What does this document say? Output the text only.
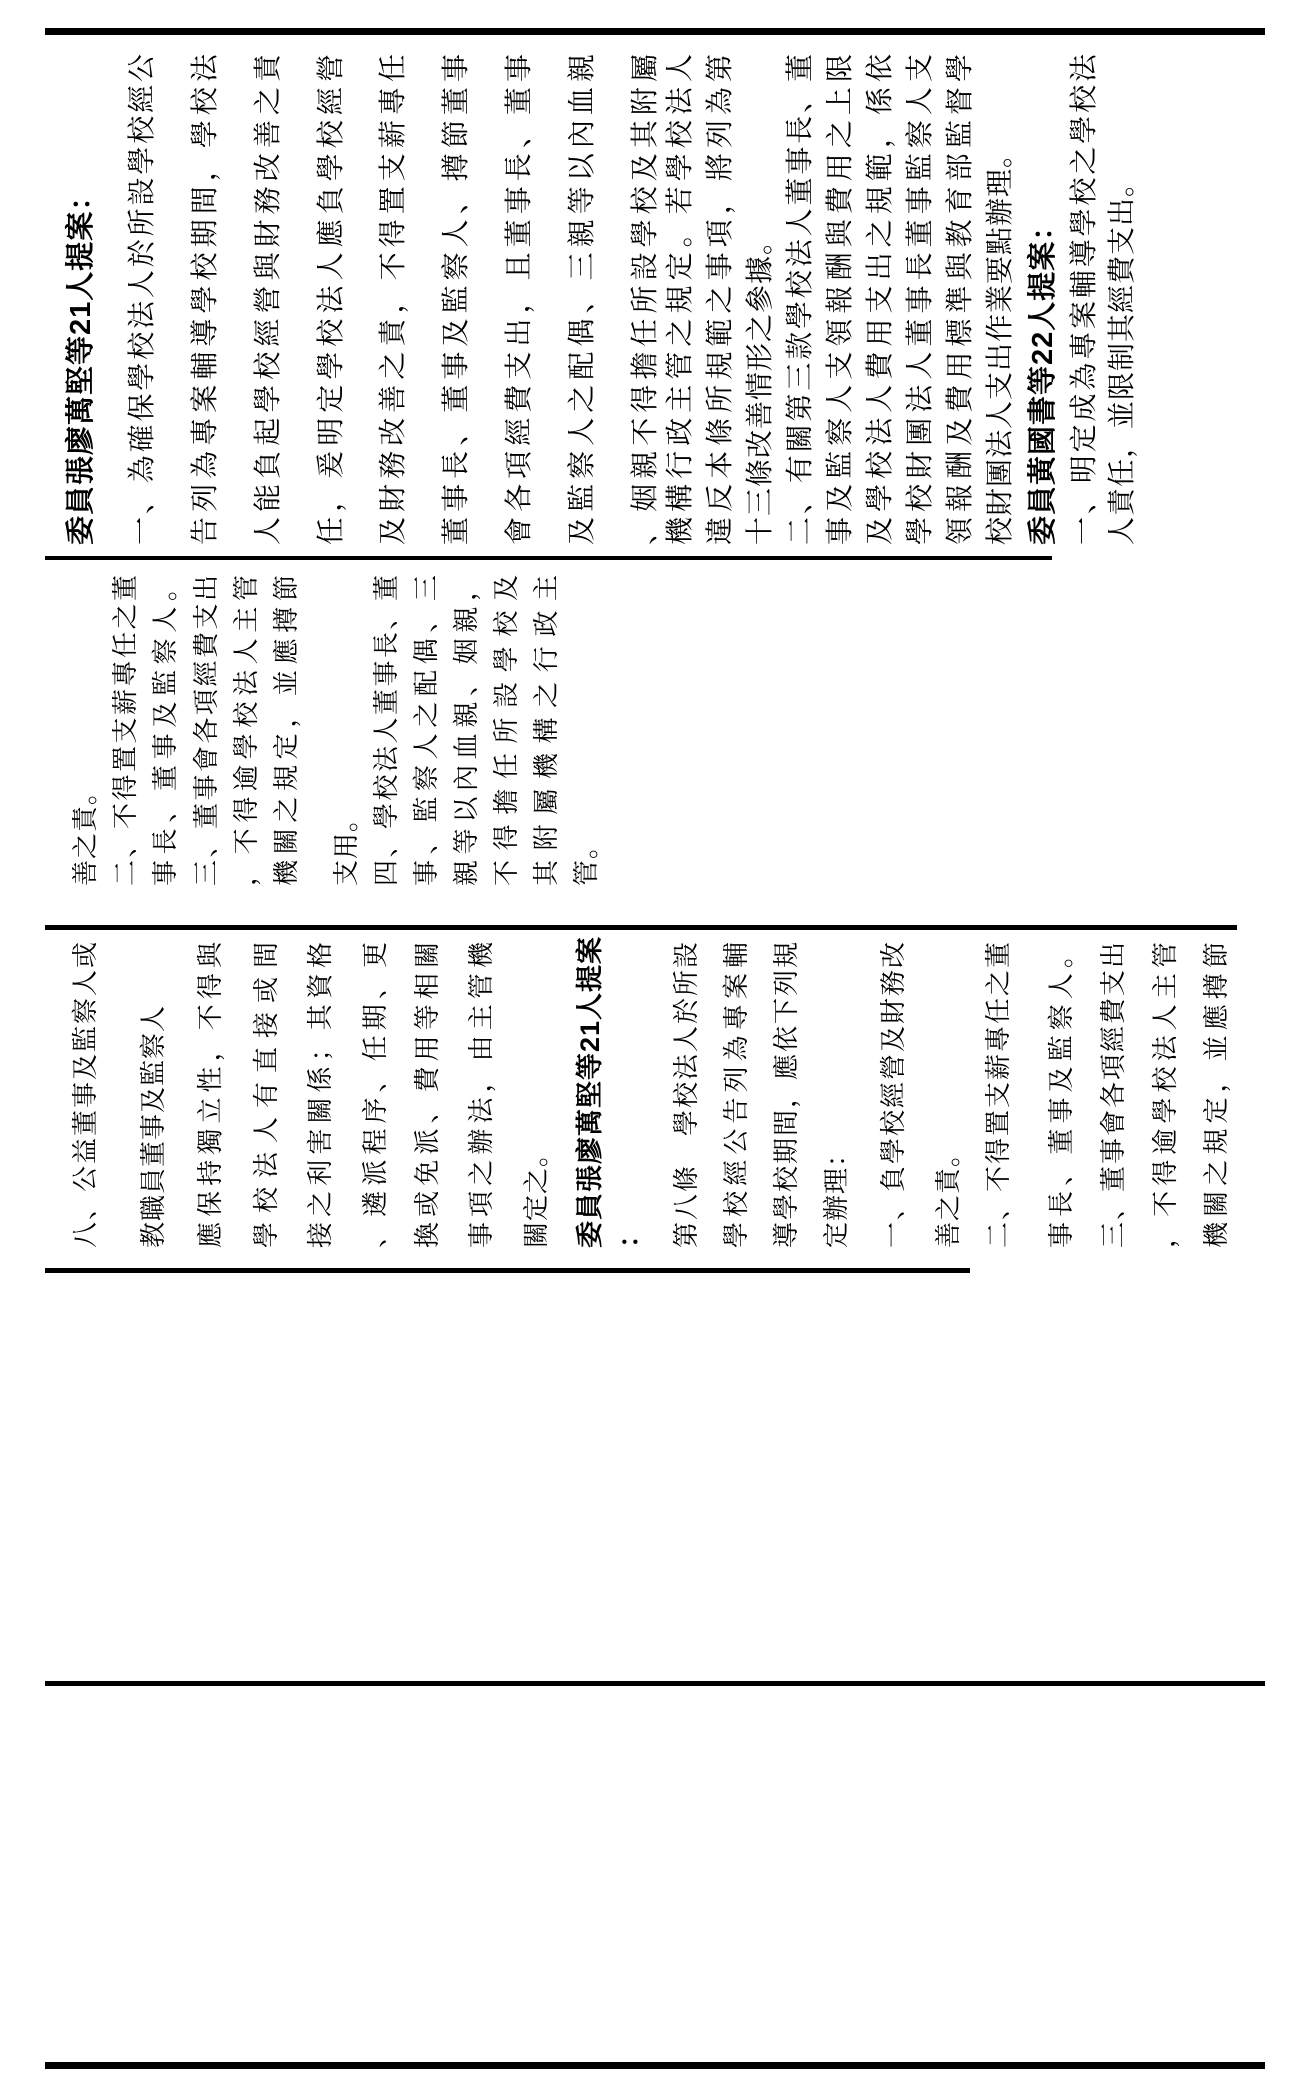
委員張廖萬堅等21人提案： 一、為確保學校法人於所設學校經公 告列為專案輔導學校期間，學校法 人能負起學校經營與財務改善之責 任，爰明定學校法人應負學校經營 及財務改善之責，不得置支薪專任 董事長、董事及監察人、撙節董事 會各項經費支出，且董事長、董事 及監察人之配偶、三親等以內血親 、姻親不得擔任所設學校及其附屬 機構行政主管之規定。若學校法人 違反本條所規範之事項，將列為第 十三條改善情形之參據。 二、有關第三款學校法人董事長、董 事及監察人支領報酬與費用之上限 及學校法人費用支出之規範，係依 學校財團法人董事長董事監察人支 領報酬及費用標準與教育部監督學 校財團法人支出作業要點辦理。 委員黃國書等22人提案： 一、明定成為專案輔導學校之學校法 人責任，並限制其經費支出。
善之責。 二、不得置支薪專任之董 事長、董事及監察人。 三、董事會各項經費支出 ，不得逾學校法人主管 機關之規定，並應撙節 支用。 四、學校法人董事長、董 事、監察人之配偶、三 親等以內血親、姻親， 不得擔任所設學校及 其附屬機構之行政主 管。
八、公益董事及監察人或 教職員董事及監察人 應保持獨立性，不得與 學校法人有直接或間 接之利害關係；其資格 、遴派程序、任期、更 換或免派、費用等相關 事項之辦法，由主管機 關定之。 委員張廖萬堅等21人提案 ： 第八條　學校法人於所設 學校經公告列為專案輔 導學校期間，應依下列規 定辦理： 一、負學校經營及財務改 善之責。 二、不得置支薪專任之董 事長、董事及監察人。 三、董事會各項經費支出 ，不得逾學校法人主管 機關之規定，並應撙節
